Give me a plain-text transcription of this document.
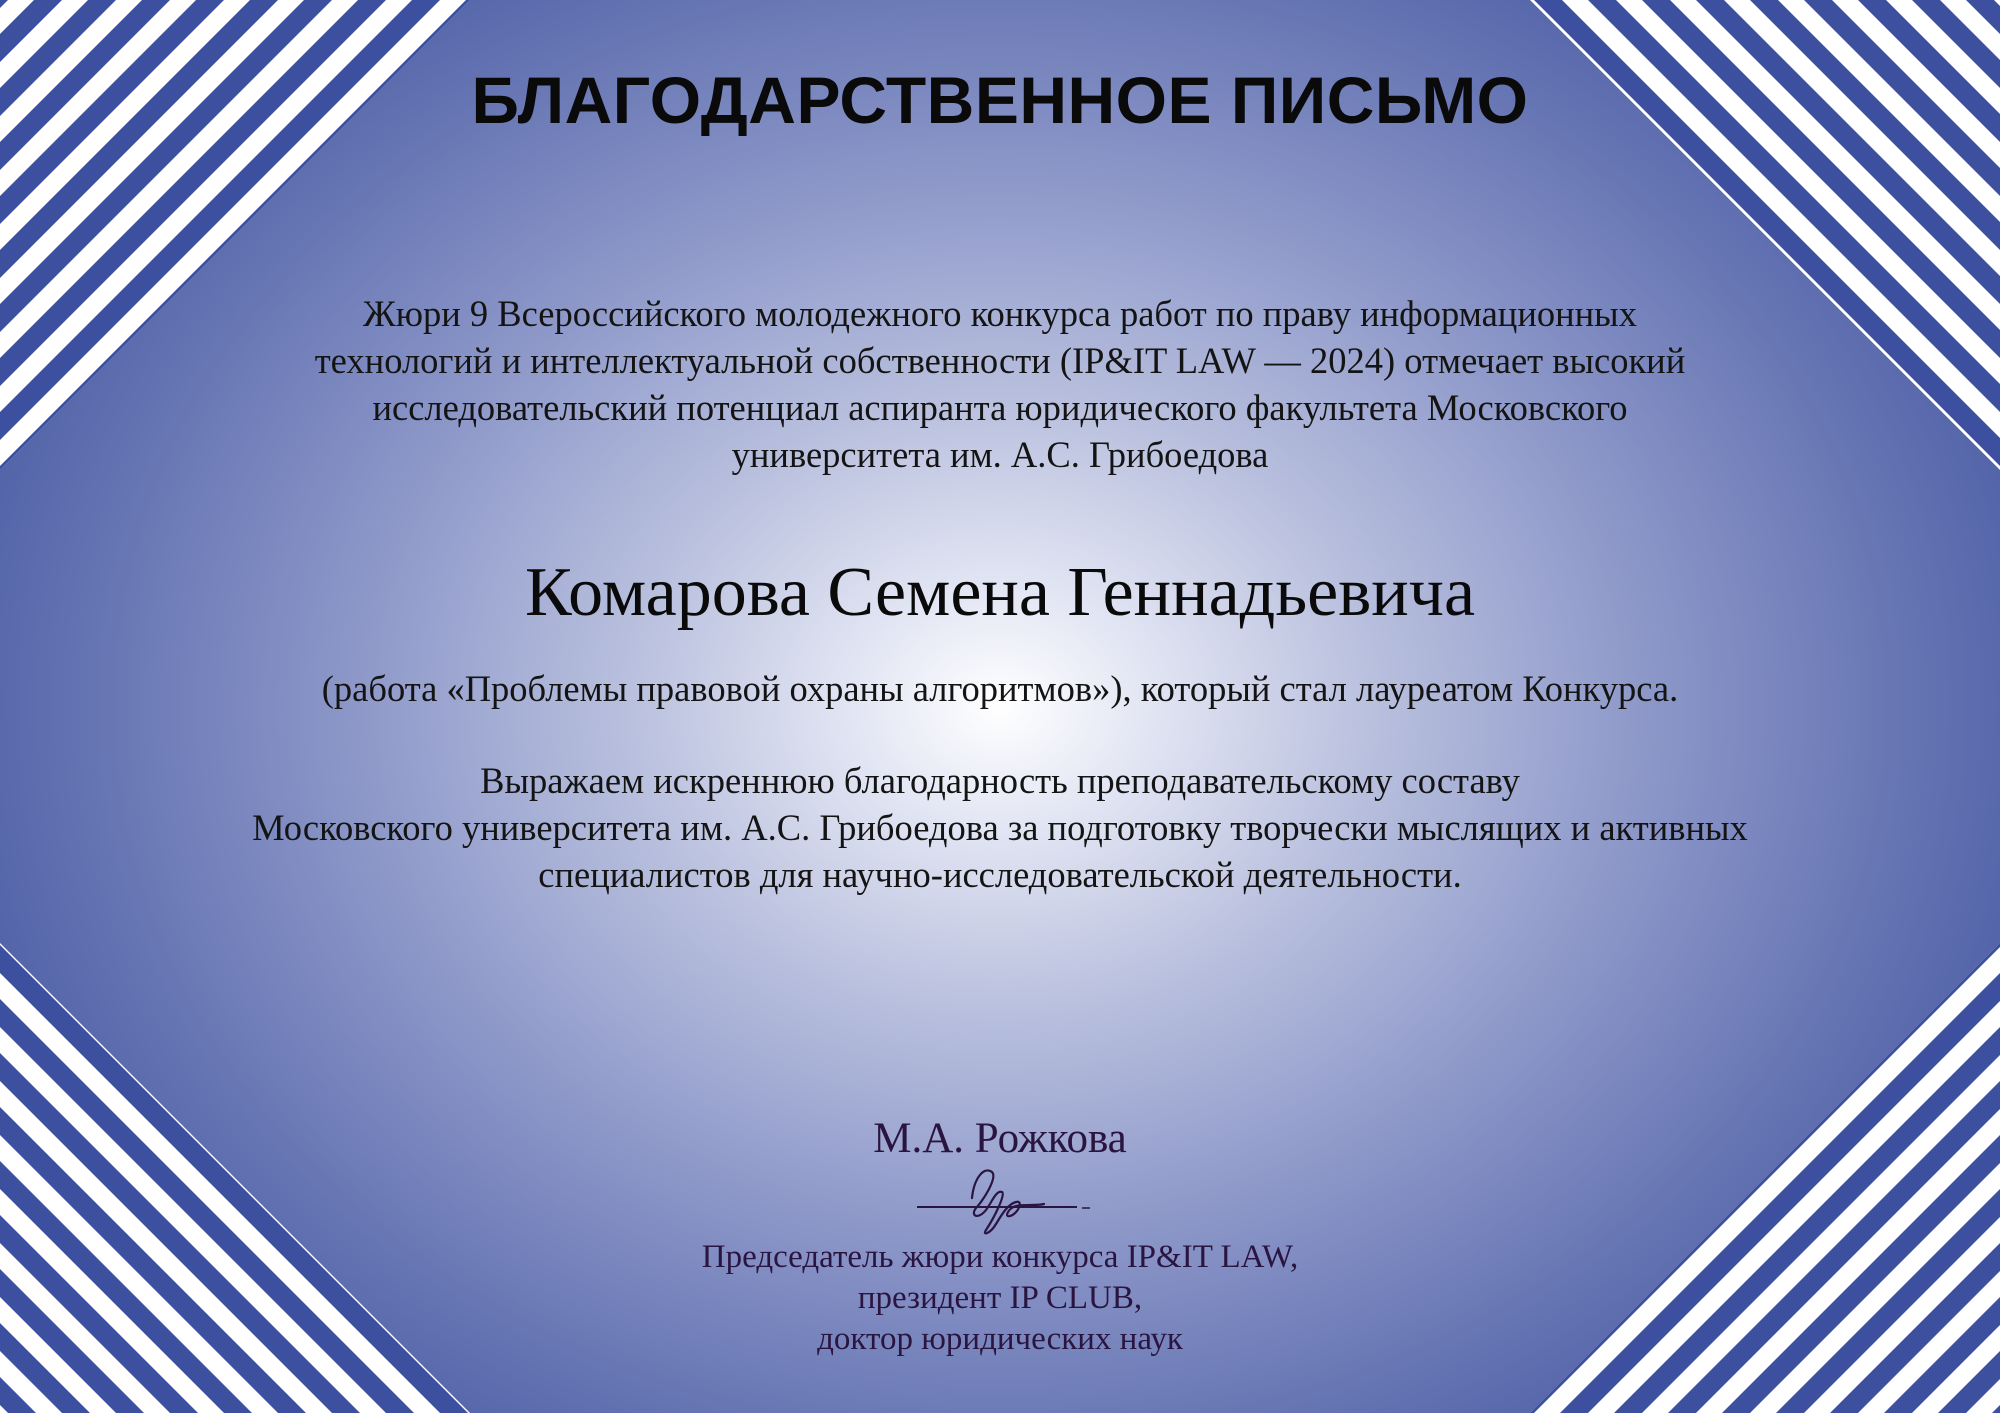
БЛАГОДАРСТВЕННОЕ ПИСЬМО
Жюри 9 Всероссийского молодежного конкурса работ по праву информационных
технологий и интеллектуальной собственности (IP&IT LAW — 2024) отмечает высокий
исследовательский потенциал аспиранта юридического факультета Московского
университета им. А.С. Грибоедова
Комарова Семена Геннадьевича
(работа «Проблемы правовой охраны алгоритмов»), который стал лауреатом Конкурса.
Выражаем искреннюю благодарность преподавательскому составу
Московского университета им. А.С. Грибоедова за подготовку творчески мыслящих и активных
специалистов для научно-исследовательской деятельности.
М.А. Рожкова
Председатель жюри конкурса IP&IT LAW,
президент IP CLUB,
доктор юридических наук
